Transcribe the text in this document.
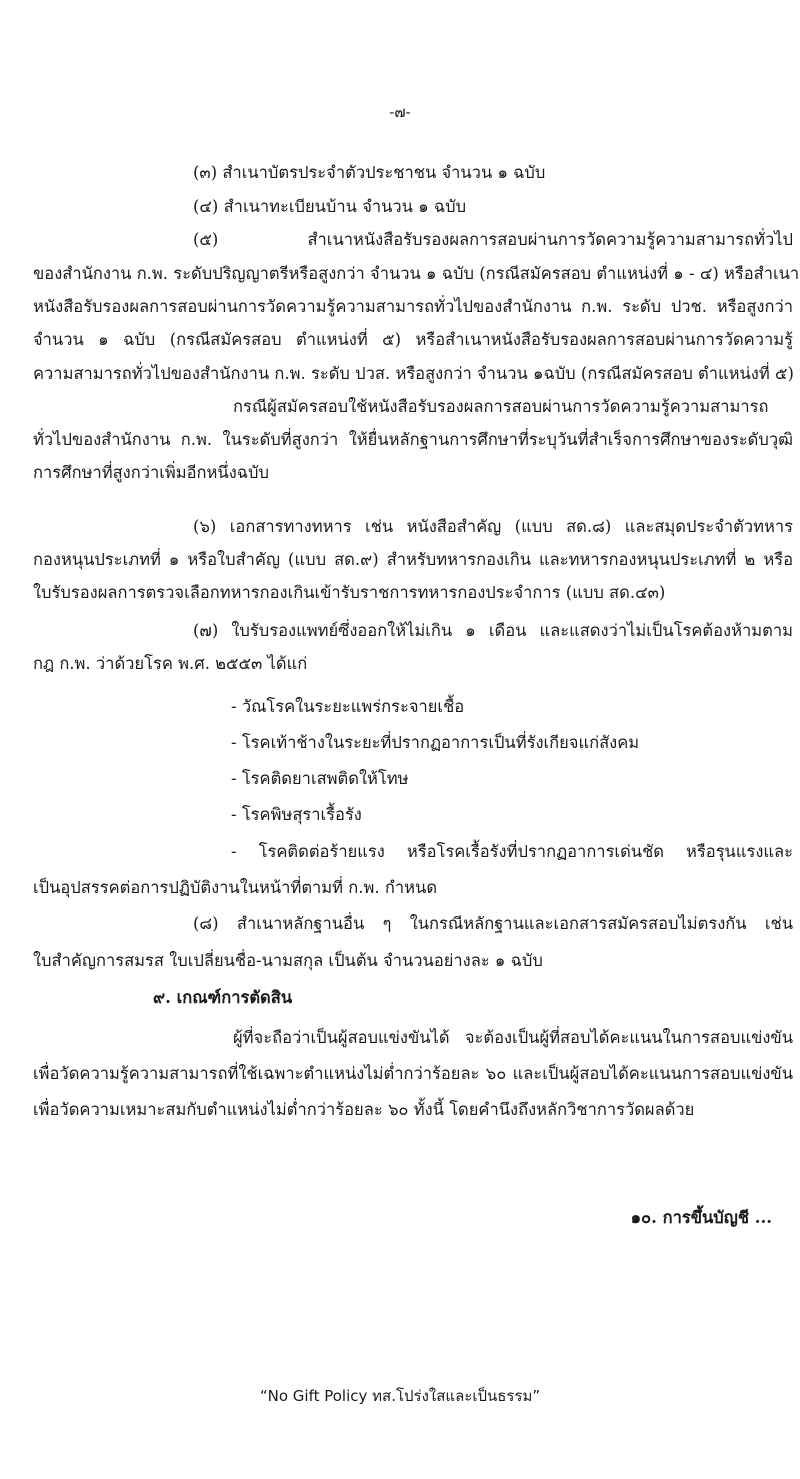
-๗-
(๓) สำเนาบัตรประจำตัวประชาชน จำนวน ๑ ฉบับ
(๔) สำเนาทะเบียนบ้าน จำนวน ๑ ฉบับ
(๕) สำเนาหนังสือรับรองผลการสอบผ่านการวัดความรู้ความสามารถทั่วไป
ของสำนักงาน ก.พ. ระดับปริญญาตรีหรือสูงกว่า จำนวน ๑ ฉบับ (กรณีสมัครสอบ ตำแหน่งที่ ๑ - ๔) หรือสำเนา
หนังสือรับรองผลการสอบผ่านการวัดความรู้ความสามารถทั่วไปของสำนักงาน ก.พ. ระดับ ปวช. หรือสูงกว่า
จำนวน ๑ ฉบับ (กรณีสมัครสอบ ตำแหน่งที่ ๕) หรือสำเนาหนังสือรับรองผลการสอบผ่านการวัดความรู้
ความสามารถทั่วไปของสำนักงาน ก.พ. ระดับ ปวส. หรือสูงกว่า จำนวน ๑ฉบับ (กรณีสมัครสอบ ตำแหน่งที่ ๕)
กรณีผู้สมัครสอบใช้หนังสือรับรองผลการสอบผ่านการวัดความรู้ความสามารถ
ทั่วไปของสำนักงาน ก.พ. ในระดับที่สูงกว่า ให้ยื่นหลักฐานการศึกษาที่ระบุวันที่สำเร็จการศึกษาของระดับวุฒิ
การศึกษาที่สูงกว่าเพิ่มอีกหนึ่งฉบับ
(๖) เอกสารทางทหาร เช่น หนังสือสำคัญ (แบบ สด.๘) และสมุดประจำตัวทหาร
กองหนุนประเภทที่ ๑ หรือใบสำคัญ (แบบ สด.๙) สำหรับทหารกองเกิน และทหารกองหนุนประเภทที่ ๒ หรือ
ใบรับรองผลการตรวจเลือกทหารกองเกินเข้ารับราชการทหารกองประจำการ (แบบ สด.๔๓)
(๗) ใบรับรองแพทย์ซึ่งออกให้ไม่เกิน ๑ เดือน และแสดงว่าไม่เป็นโรคต้องห้ามตาม
กฎ ก.พ. ว่าด้วยโรค พ.ศ. ๒๕๕๓ ได้แก่
- วัณโรคในระยะแพร่กระจายเชื้อ
- โรคเท้าช้างในระยะที่ปรากฏอาการเป็นที่รังเกียจแก่สังคม
- โรคติดยาเสพติดให้โทษ
- โรคพิษสุราเรื้อรัง
- โรคติดต่อร้ายแรง หรือโรคเรื้อรังที่ปรากฏอาการเด่นชัด หรือรุนแรงและ
เป็นอุปสรรคต่อการปฏิบัติงานในหน้าที่ตามที่ ก.พ. กำหนด
(๘) สำเนาหลักฐานอื่น ๆ ในกรณีหลักฐานและเอกสารสมัครสอบไม่ตรงกัน เช่น
ใบสำคัญการสมรส ใบเปลี่ยนชื่อ-นามสกุล เป็นต้น จำนวนอย่างละ ๑ ฉบับ
๙. เกณฑ์การตัดสิน
ผู้ที่จะถือว่าเป็นผู้สอบแข่งขันได้ จะต้องเป็นผู้ที่สอบได้คะแนนในการสอบแข่งขัน
เพื่อวัดความรู้ความสามารถที่ใช้เฉพาะตำแหน่งไม่ต่ำกว่าร้อยละ ๖๐ และเป็นผู้สอบได้คะแนนการสอบแข่งขัน
เพื่อวัดความเหมาะสมกับตำแหน่งไม่ต่ำกว่าร้อยละ ๖๐ ทั้งนี้ โดยคำนึงถึงหลักวิชาการวัดผลด้วย
๑๐. การขึ้นบัญชี ...
“No Gift Policy ทส.โปร่งใสและเป็นธรรม”
